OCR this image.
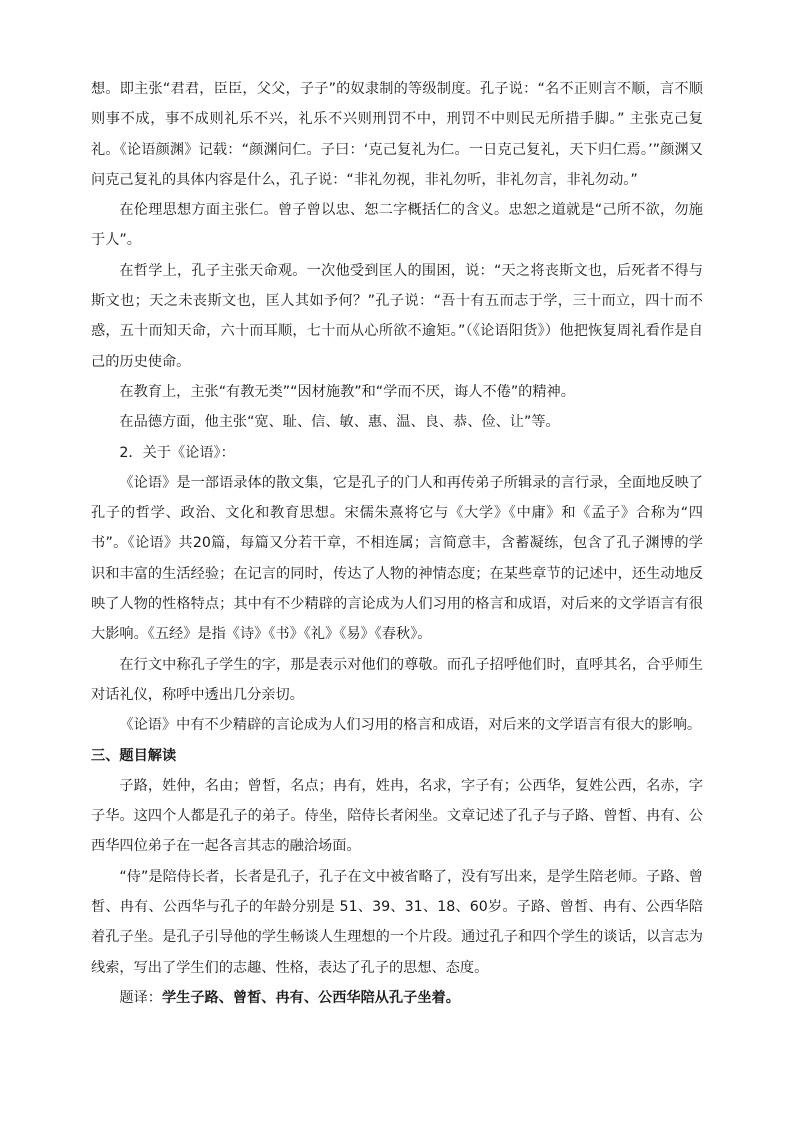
想。即主张“君君，臣臣，父父，子子”的奴隶制的等级制度。孔子说：“名不正则言不顺，言不顺则事不成，事不成则礼乐不兴，礼乐不兴则刑罚不中，刑罚不中则民无所措手脚。” 主张克己复礼。《论语颜渊》记载：“颜渊问仁。子曰：‘克己复礼为仁。一日克己复礼，天下归仁焉。’”颜渊又问克己复礼的具体内容是什么，孔子说：“非礼勿视，非礼勿听，非礼勿言，非礼勿动。”

在伦理思想方面主张仁。曾子曾以忠、恕二字概括仁的含义。忠恕之道就是“己所不欲，勿施于人”。

在哲学上，孔子主张天命观。一次他受到匡人的围困，说：“天之将丧斯文也，后死者不得与斯文也；天之未丧斯文也，匡人其如予何？”孔子说：“吾十有五而志于学，三十而立，四十而不惑，五十而知天命，六十而耳顺，七十而从心所欲不逾矩。”（《论语阳货》）他把恢复周礼看作是自己的历史使命。

在教育上，主张“有教无类”“因材施教”和“学而不厌，诲人不倦”的精神。

在品德方面，他主张“宽、耻、信、敏、惠、温、良、恭、俭、让”等。

2．关于《论语》：

《论语》是一部语录体的散文集，它是孔子的门人和再传弟子所辑录的言行录，全面地反映了孔子的哲学、政治、文化和教育思想。宋儒朱熹将它与《大学》《中庸》和《孟子》合称为“四书”。《论语》共20篇，每篇又分若干章，不相连属；言简意丰，含蓄凝练，包含了孔子渊博的学识和丰富的生活经验；在记言的同时，传达了人物的神情态度；在某些章节的记述中，还生动地反映了人物的性格特点；其中有不少精辟的言论成为人们习用的格言和成语，对后来的文学语言有很大影响。《五经》是指《诗》《书》《礼》《易》《春秋》。

在行文中称孔子学生的字，那是表示对他们的尊敬。而孔子招呼他们时，直呼其名，合乎师生对话礼仪，称呼中透出几分亲切。

《论语》中有不少精辟的言论成为人们习用的格言和成语，对后来的文学语言有很大的影响。

三、题目解读

子路，姓仲，名由；曾皙，名点；冉有，姓冉，名求，字子有；公西华，复姓公西，名赤，字子华。这四个人都是孔子的弟子。侍坐，陪侍长者闲坐。文章记述了孔子与子路、曾皙、冉有、公西华四位弟子在一起各言其志的融洽场面。

“侍”是陪侍长者，长者是孔子，孔子在文中被省略了，没有写出来，是学生陪老师。子路、曾皙、冉有、公西华与孔子的年龄分别是 51、39、31、18、60岁。子路、曾皙、冉有、公西华陪着孔子坐。是孔子引导他的学生畅谈人生理想的一个片段。通过孔子和四个学生的谈话，以言志为线索，写出了学生们的志趣、性格，表达了孔子的思想、态度。

题译：学生子路、曾皙、冉有、公西华陪从孔子坐着。
